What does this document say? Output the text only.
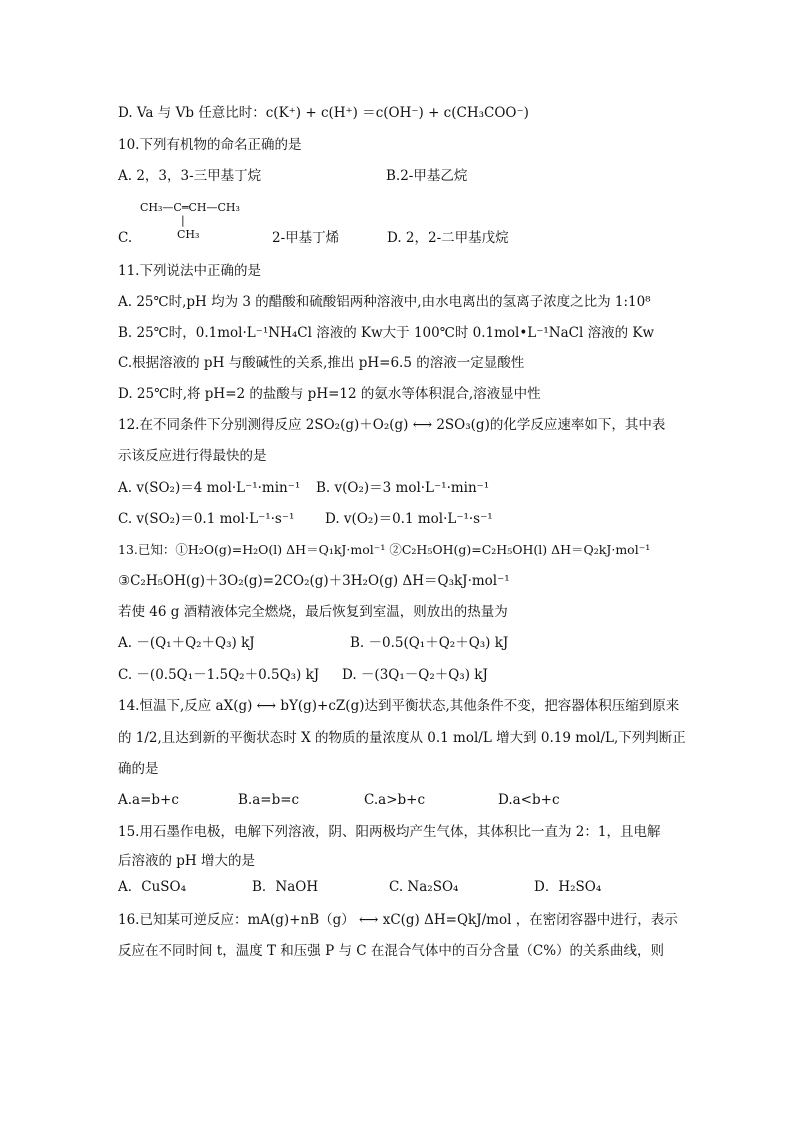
D. Va 与 Vb 任意比时：c(K⁺) + c(H⁺) ＝c(OH⁻) + c(CH₃COO⁻)
10.下列有机物的命名正确的是
A. 2，3，3-三甲基丁烷	B.2-甲基乙烷
CH₃—C═CH—CH₃
|
CH₃
C.	2-甲基丁烯	D. 2，2-二甲基戊烷
11.下列说法中正确的是
A. 25℃时,pH 均为 3 的醋酸和硫酸铝两种溶液中,由水电离出的氢离子浓度之比为 1:10⁸
B. 25℃时，0.1mol·L⁻¹NH₄Cl 溶液的 Kw大于 100℃时 0.1mol•L⁻¹NaCl 溶液的 Kw
C.根据溶液的 pH 与酸碱性的关系,推出 pH=6.5 的溶液一定显酸性
D. 25℃时,将 pH=2 的盐酸与 pH=12 的氨水等体积混合,溶液显中性
12.在不同条件下分别测得反应 2SO₂(g)＋O₂(g) ⟷ 2SO₃(g)的化学反应速率如下，其中表
示该反应进行得最快的是
A. v(SO₂)＝4 mol·L⁻¹·min⁻¹ B. v(O₂)＝3 mol·L⁻¹·min⁻¹
C. v(SO₂)＝0.1 mol·L⁻¹·s⁻¹ D. v(O₂)＝0.1 mol·L⁻¹·s⁻¹
13.已知：①H₂O(g)=H₂O(l) ΔH＝Q₁kJ·mol⁻¹ ②C₂H₅OH(g)=C₂H₅OH(l) ΔH＝Q₂kJ·mol⁻¹
③C₂H₅OH(g)＋3O₂(g)=2CO₂(g)＋3H₂O(g) ΔH＝Q₃kJ·mol⁻¹
若使 46 g 酒精液体完全燃烧，最后恢复到室温，则放出的热量为
A. －(Q₁＋Q₂＋Q₃) kJ	B. －0.5(Q₁＋Q₂＋Q₃) kJ
C. －(0.5Q₁－1.5Q₂＋0.5Q₃) kJ D. －(3Q₁－Q₂＋Q₃) kJ
14.恒温下,反应 aX(g) ⟷ bY(g)+cZ(g)达到平衡状态,其他条件不变，把容器体积压缩到原来
的 1/2,且达到新的平衡状态时 X 的物质的量浓度从 0.1 mol/L 增大到 0.19 mol/L,下列判断正
确的是
A.a=b+c	B.a=b=c	C.a>b+c	D.a<b+c
15.用石墨作电极，电解下列溶液，阴、阳两极均产生气体，其体积比一直为 2：1，且电解
后溶液的 pH 增大的是
A．CuSO₄	B．NaOH	C. Na₂SO₄	D．H₂SO₄
16.已知某可逆反应：mA(g)+nB（g） ⟷ xC(g) ΔH=QkJ/mol ，在密闭容器中进行，表示
反应在不同时间 t，温度 T 和压强 P 与 C 在混合气体中的百分含量（C%）的关系曲线，则
